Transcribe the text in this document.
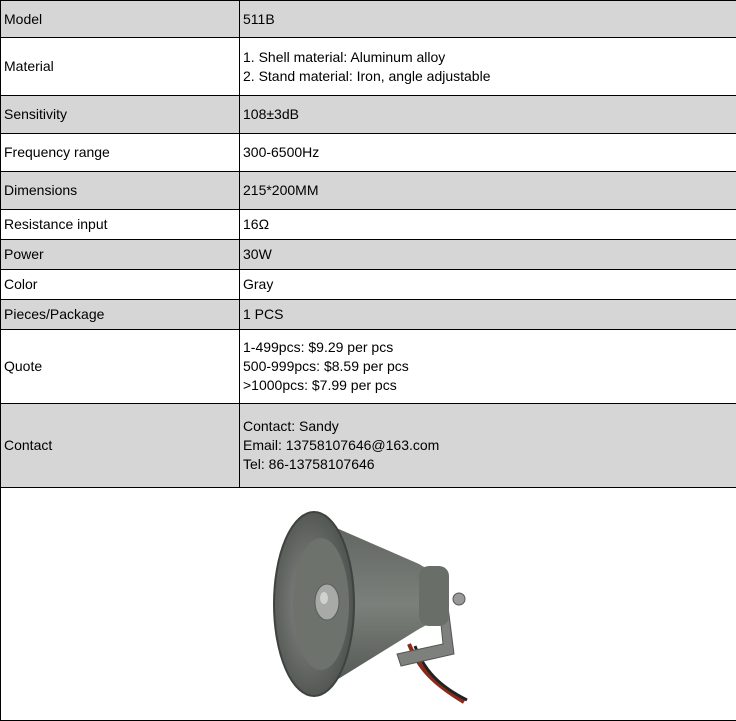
Model	511B

Material	1. Shell material: Aluminum alloy
2. Stand material: Iron, angle adjustable

Sensitivity	108±3dB

Frequency range	300-6500Hz

Dimensions	215*200MM

Resistance input	16Ω

Power	30W

Color	Gray

Pieces/Package	1 PCS

Quote	1-499pcs: $9.29 per pcs
500-999pcs: $8.59 per pcs
>1000pcs: $7.99 per pcs

Contact	Contact: Sandy
Email: 13758107646@163.com
Tel: 86-13758107646
